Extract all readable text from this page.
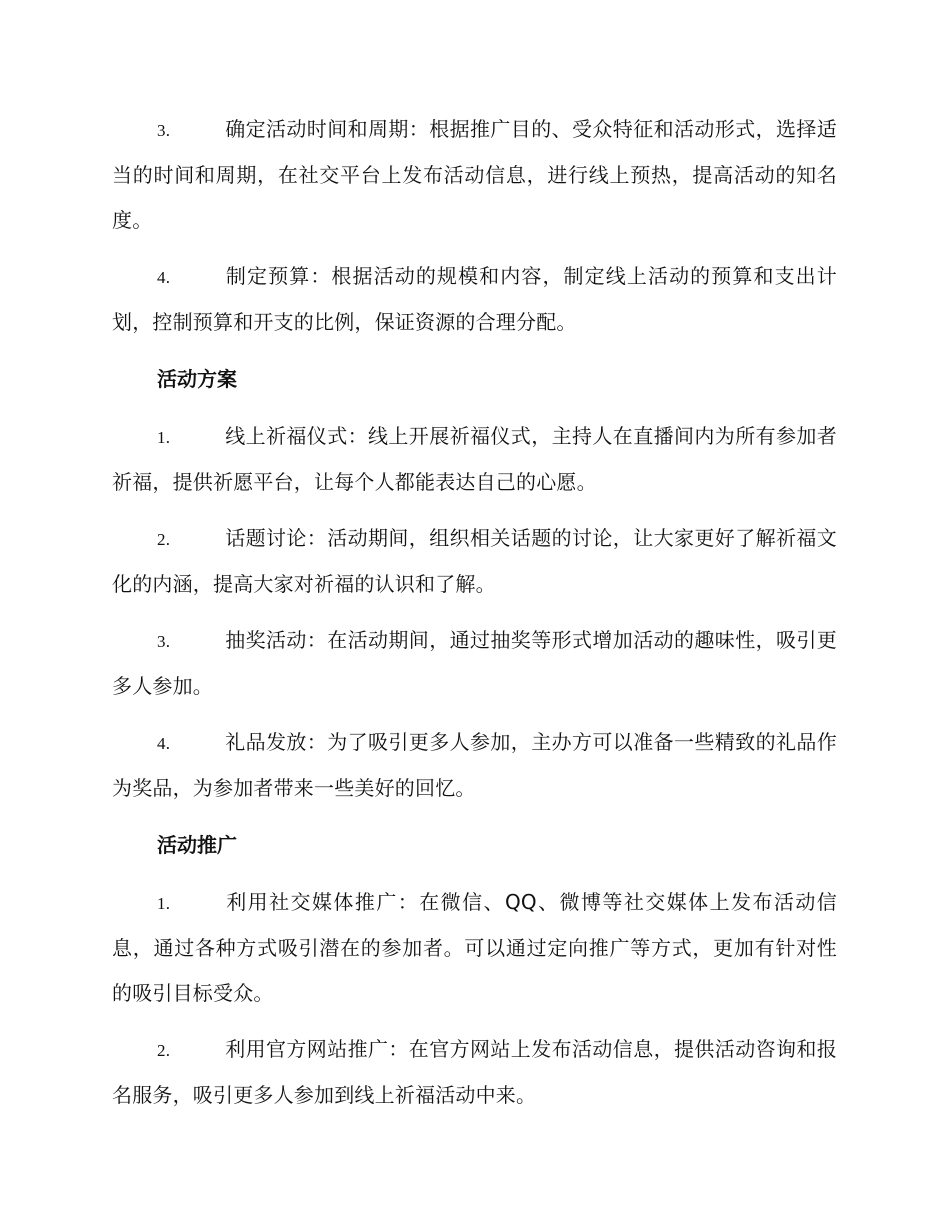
3.	确定活动时间和周期：根据推广目的、受众特征和活动形式，选择适当的时间和周期，在社交平台上发布活动信息，进行线上预热，提高活动的知名度。

4.	制定预算：根据活动的规模和内容，制定线上活动的预算和支出计划，控制预算和开支的比例，保证资源的合理分配。

活动方案

1.	线上祈福仪式：线上开展祈福仪式，主持人在直播间内为所有参加者祈福，提供祈愿平台，让每个人都能表达自己的心愿。

2.	话题讨论：活动期间，组织相关话题的讨论，让大家更好了解祈福文化的内涵，提高大家对祈福的认识和了解。

3.	抽奖活动：在活动期间，通过抽奖等形式增加活动的趣味性，吸引更多人参加。

4.	礼品发放：为了吸引更多人参加，主办方可以准备一些精致的礼品作为奖品，为参加者带来一些美好的回忆。

活动推广

1.	利用社交媒体推广：在微信、QQ、微博等社交媒体上发布活动信息，通过各种方式吸引潜在的参加者。可以通过定向推广等方式，更加有针对性的吸引目标受众。

2.	利用官方网站推广：在官方网站上发布活动信息，提供活动咨询和报名服务，吸引更多人参加到线上祈福活动中来。
